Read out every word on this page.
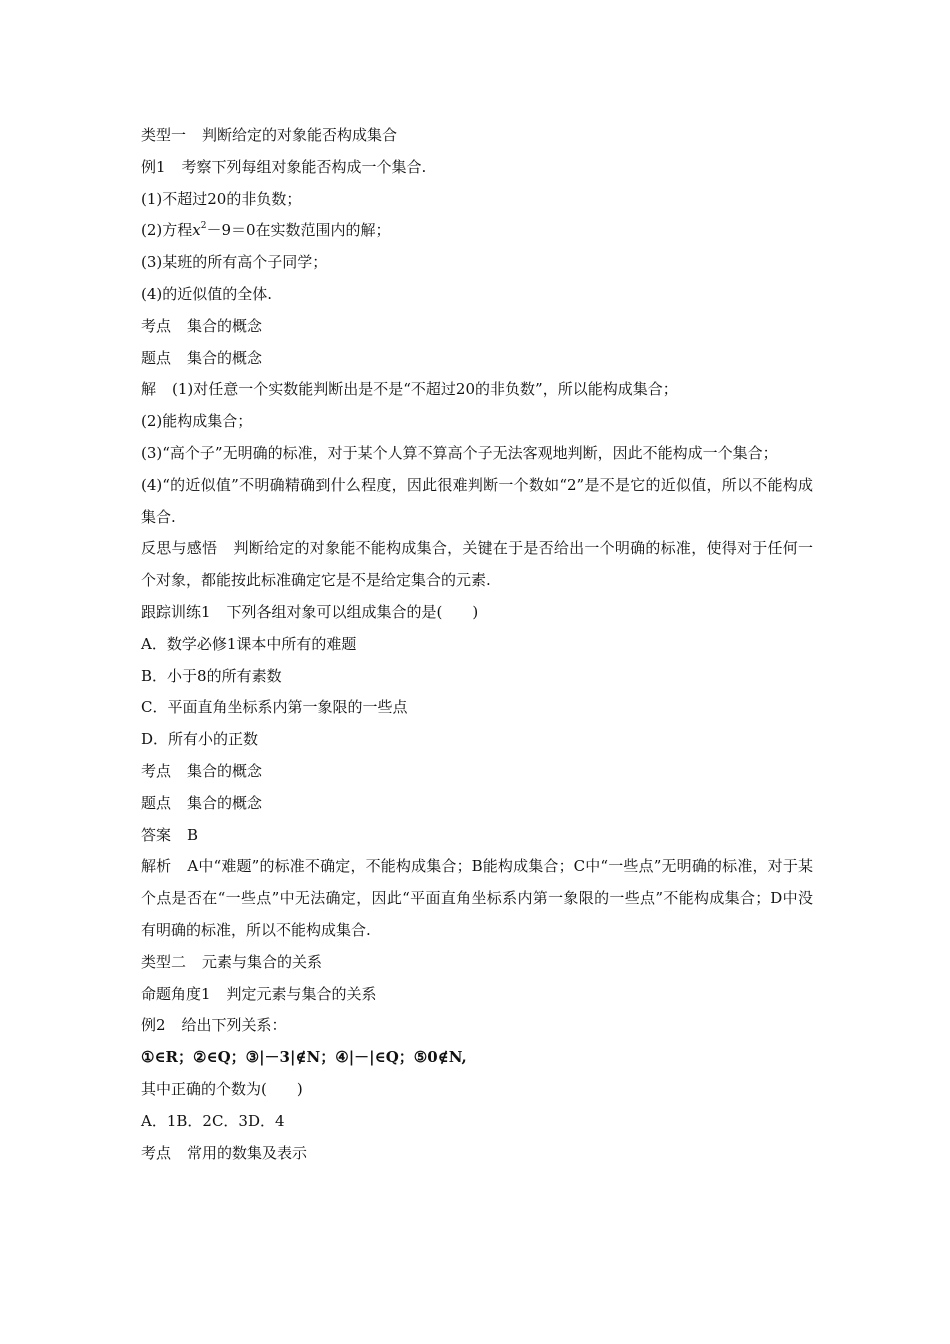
类型一 判断给定的对象能否构成集合
例1 考察下列每组对象能否构成一个集合.
(1)不超过20的非负数；
(2)方程$x^2-9=0$在实数范围内的解；
(3)某班的所有高个子同学；
(4)的近似值的全体.
考点 集合的概念
题点 集合的概念
解 (1)对任意一个实数能判断出是不是“不超过20的非负数”，所以能构成集合；
(2)能构成集合；
(3)“高个子”无明确的标准，对于某个人算不算高个子无法客观地判断，因此不能构成一个集合；
(4)“的近似值”不明确精确到什么程度，因此很难判断一个数如“2”是不是它的近似值，所以不能构成集合.
反思与感悟 判断给定的对象能不能构成集合，关键在于是否给出一个明确的标准，使得对于任何一个对象，都能按此标准确定它是不是给定集合的元素.
跟踪训练1 下列各组对象可以组成集合的是(　　)
A．数学必修1课本中所有的难题
B．小于8的所有素数
C．平面直角坐标系内第一象限的一些点
D．所有小的正数
考点 集合的概念
题点 集合的概念
答案 B
解析 A中“难题”的标准不确定，不能构成集合；B能构成集合；C中“一些点”无明确的标准，对于某个点是否在“一些点”中无法确定，因此“平面直角坐标系内第一象限的一些点”不能构成集合；D中没有明确的标准，所以不能构成集合.
类型二 元素与集合的关系
命题角度1 判定元素与集合的关系
例2 给出下列关系：
①∈R；②∈Q；③|－3|∉N；④|－|∈Q；⑤0∉N,
其中正确的个数为(　　)
A．1B．2C．3D．4
考点 常用的数集及表示
